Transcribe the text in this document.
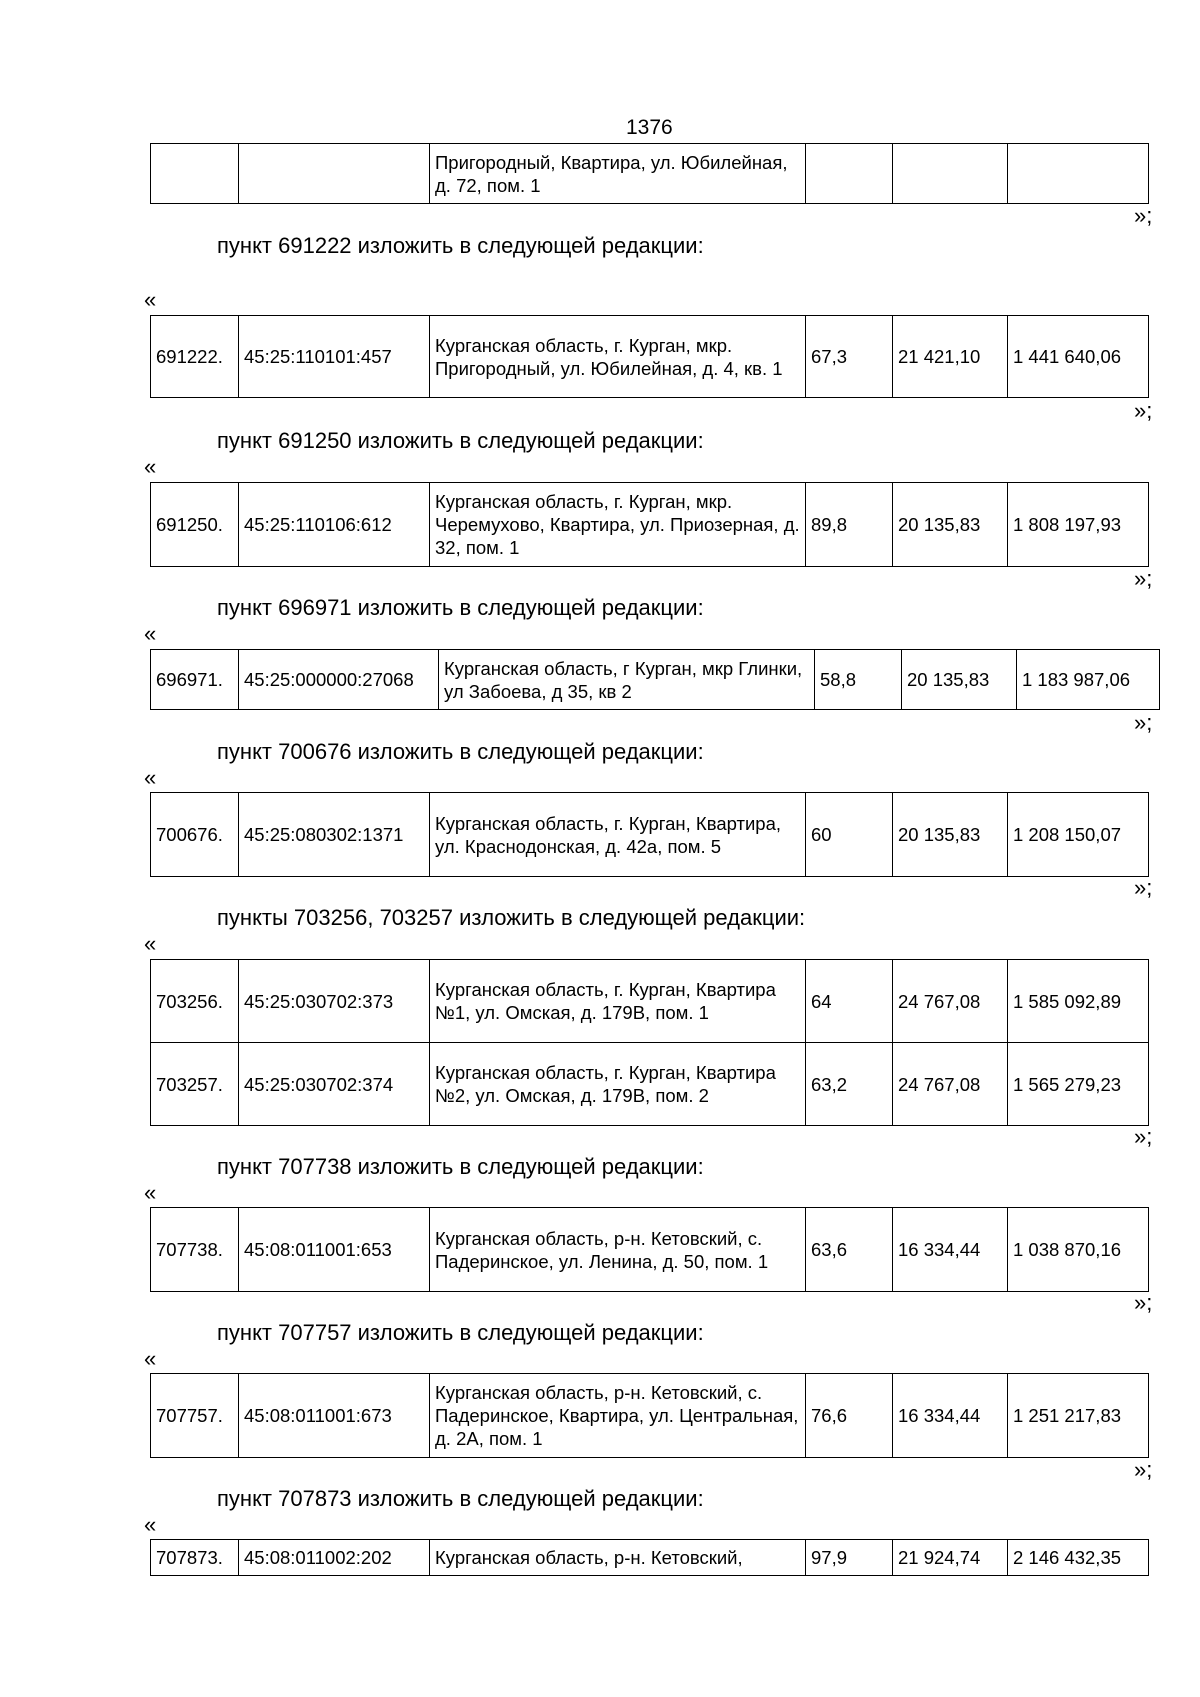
1376
		Пригородный, Квартира, ул. Юбилейная, д. 72, пом. 1			
»;
пункт 691222 изложить в следующей редакции:
«
691222.	45:25:110101:457	Курганская область, г. Курган, мкр. Пригородный, ул. Юбилейная, д. 4, кв. 1	67,3	21 421,10	1 441 640,06
»;
пункт 691250 изложить в следующей редакции:
«
691250.	45:25:110106:612	Курганская область, г. Курган, мкр. Черемухово, Квартира, ул. Приозерная, д. 32, пом. 1	89,8	20 135,83	1 808 197,93
»;
пункт 696971 изложить в следующей редакции:
«
696971.	45:25:000000:27068	Курганская область, г Курган, мкр Глинки, ул Забоева, д 35, кв 2	58,8	20 135,83	1 183 987,06
»;
пункт 700676 изложить в следующей редакции:
«
700676.	45:25:080302:1371	Курганская область, г. Курган, Квартира, ул. Краснодонская, д. 42а, пом. 5	60	20 135,83	1 208 150,07
»;
пункты 703256, 703257 изложить в следующей редакции:
«
703256.	45:25:030702:373	Курганская область, г. Курган, Квартира №1, ул. Омская, д. 179В, пом. 1	64	24 767,08	1 585 092,89
703257.	45:25:030702:374	Курганская область, г. Курган, Квартира №2, ул. Омская, д. 179В, пом. 2	63,2	24 767,08	1 565 279,23
»;
пункт 707738 изложить в следующей редакции:
«
707738.	45:08:011001:653	Курганская область, р-н. Кетовский, с. Падеринское, ул. Ленина, д. 50, пом. 1	63,6	16 334,44	1 038 870,16
»;
пункт 707757 изложить в следующей редакции:
«
707757.	45:08:011001:673	Курганская область, р-н. Кетовский, с. Падеринское, Квартира, ул. Центральная, д. 2А, пом. 1	76,6	16 334,44	1 251 217,83
»;
пункт 707873 изложить в следующей редакции:
«
707873.	45:08:011002:202	Курганская область, р-н. Кетовский,	97,9	21 924,74	2 146 432,35
